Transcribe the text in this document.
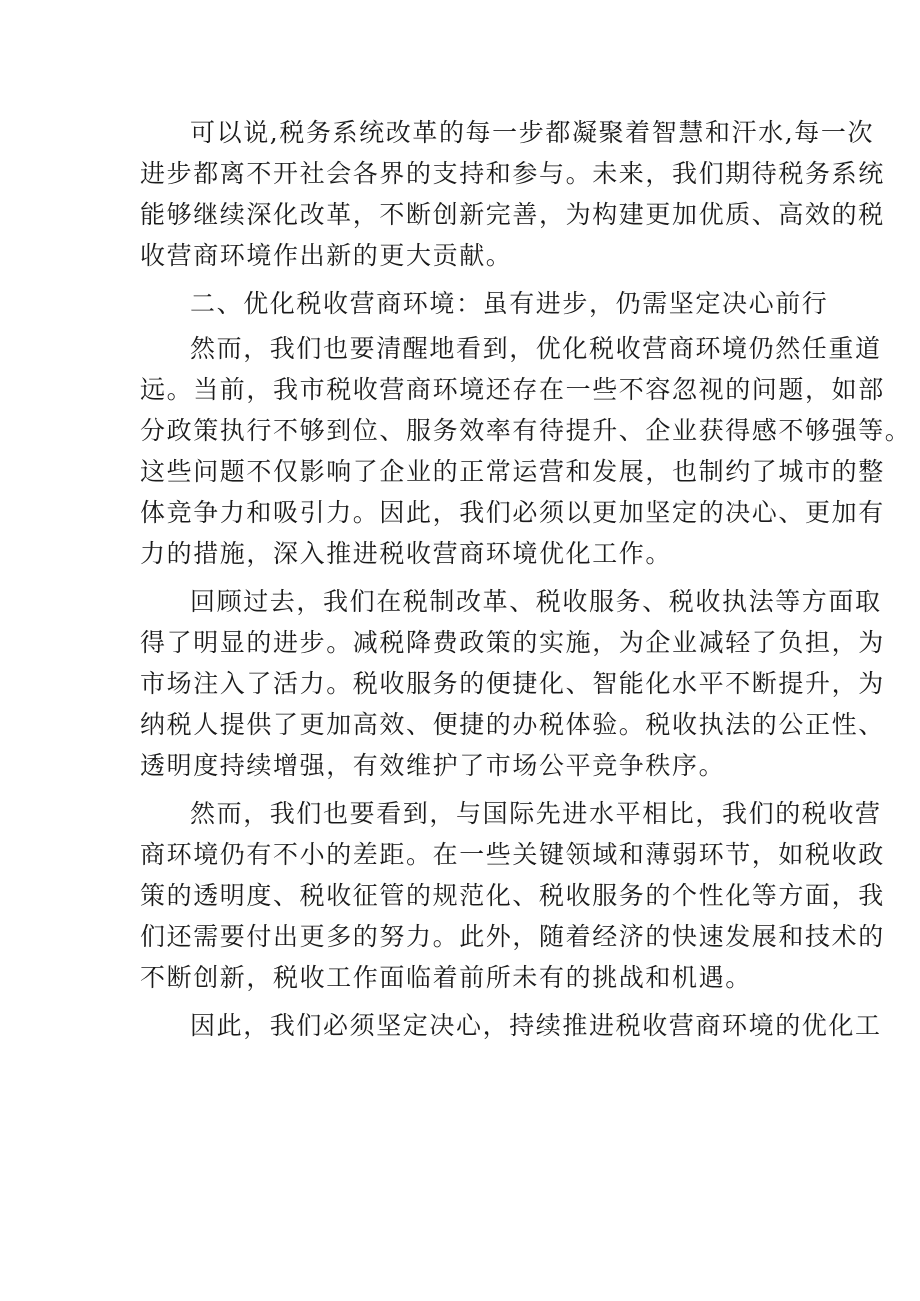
可以说,税务系统改革的每一步都凝聚着智慧和汗水,每一次
进步都离不开社会各界的支持和参与。未来，我们期待税务系统
能够继续深化改革，不断创新完善，为构建更加优质、高效的税
收营商环境作出新的更大贡献。

二、优化税收营商环境：虽有进步，仍需坚定决心前行

然而，我们也要清醒地看到，优化税收营商环境仍然任重道
远。当前，我市税收营商环境还存在一些不容忽视的问题，如部
分政策执行不够到位、服务效率有待提升、企业获得感不够强等。
这些问题不仅影响了企业的正常运营和发展，也制约了城市的整
体竞争力和吸引力。因此，我们必须以更加坚定的决心、更加有
力的措施，深入推进税收营商环境优化工作。

回顾过去，我们在税制改革、税收服务、税收执法等方面取
得了明显的进步。减税降费政策的实施，为企业减轻了负担，为
市场注入了活力。税收服务的便捷化、智能化水平不断提升，为
纳税人提供了更加高效、便捷的办税体验。税收执法的公正性、
透明度持续增强，有效维护了市场公平竞争秩序。

然而，我们也要看到，与国际先进水平相比，我们的税收营
商环境仍有不小的差距。在一些关键领域和薄弱环节，如税收政
策的透明度、税收征管的规范化、税收服务的个性化等方面，我
们还需要付出更多的努力。此外，随着经济的快速发展和技术的
不断创新，税收工作面临着前所未有的挑战和机遇。

因此，我们必须坚定决心，持续推进税收营商环境的优化工
